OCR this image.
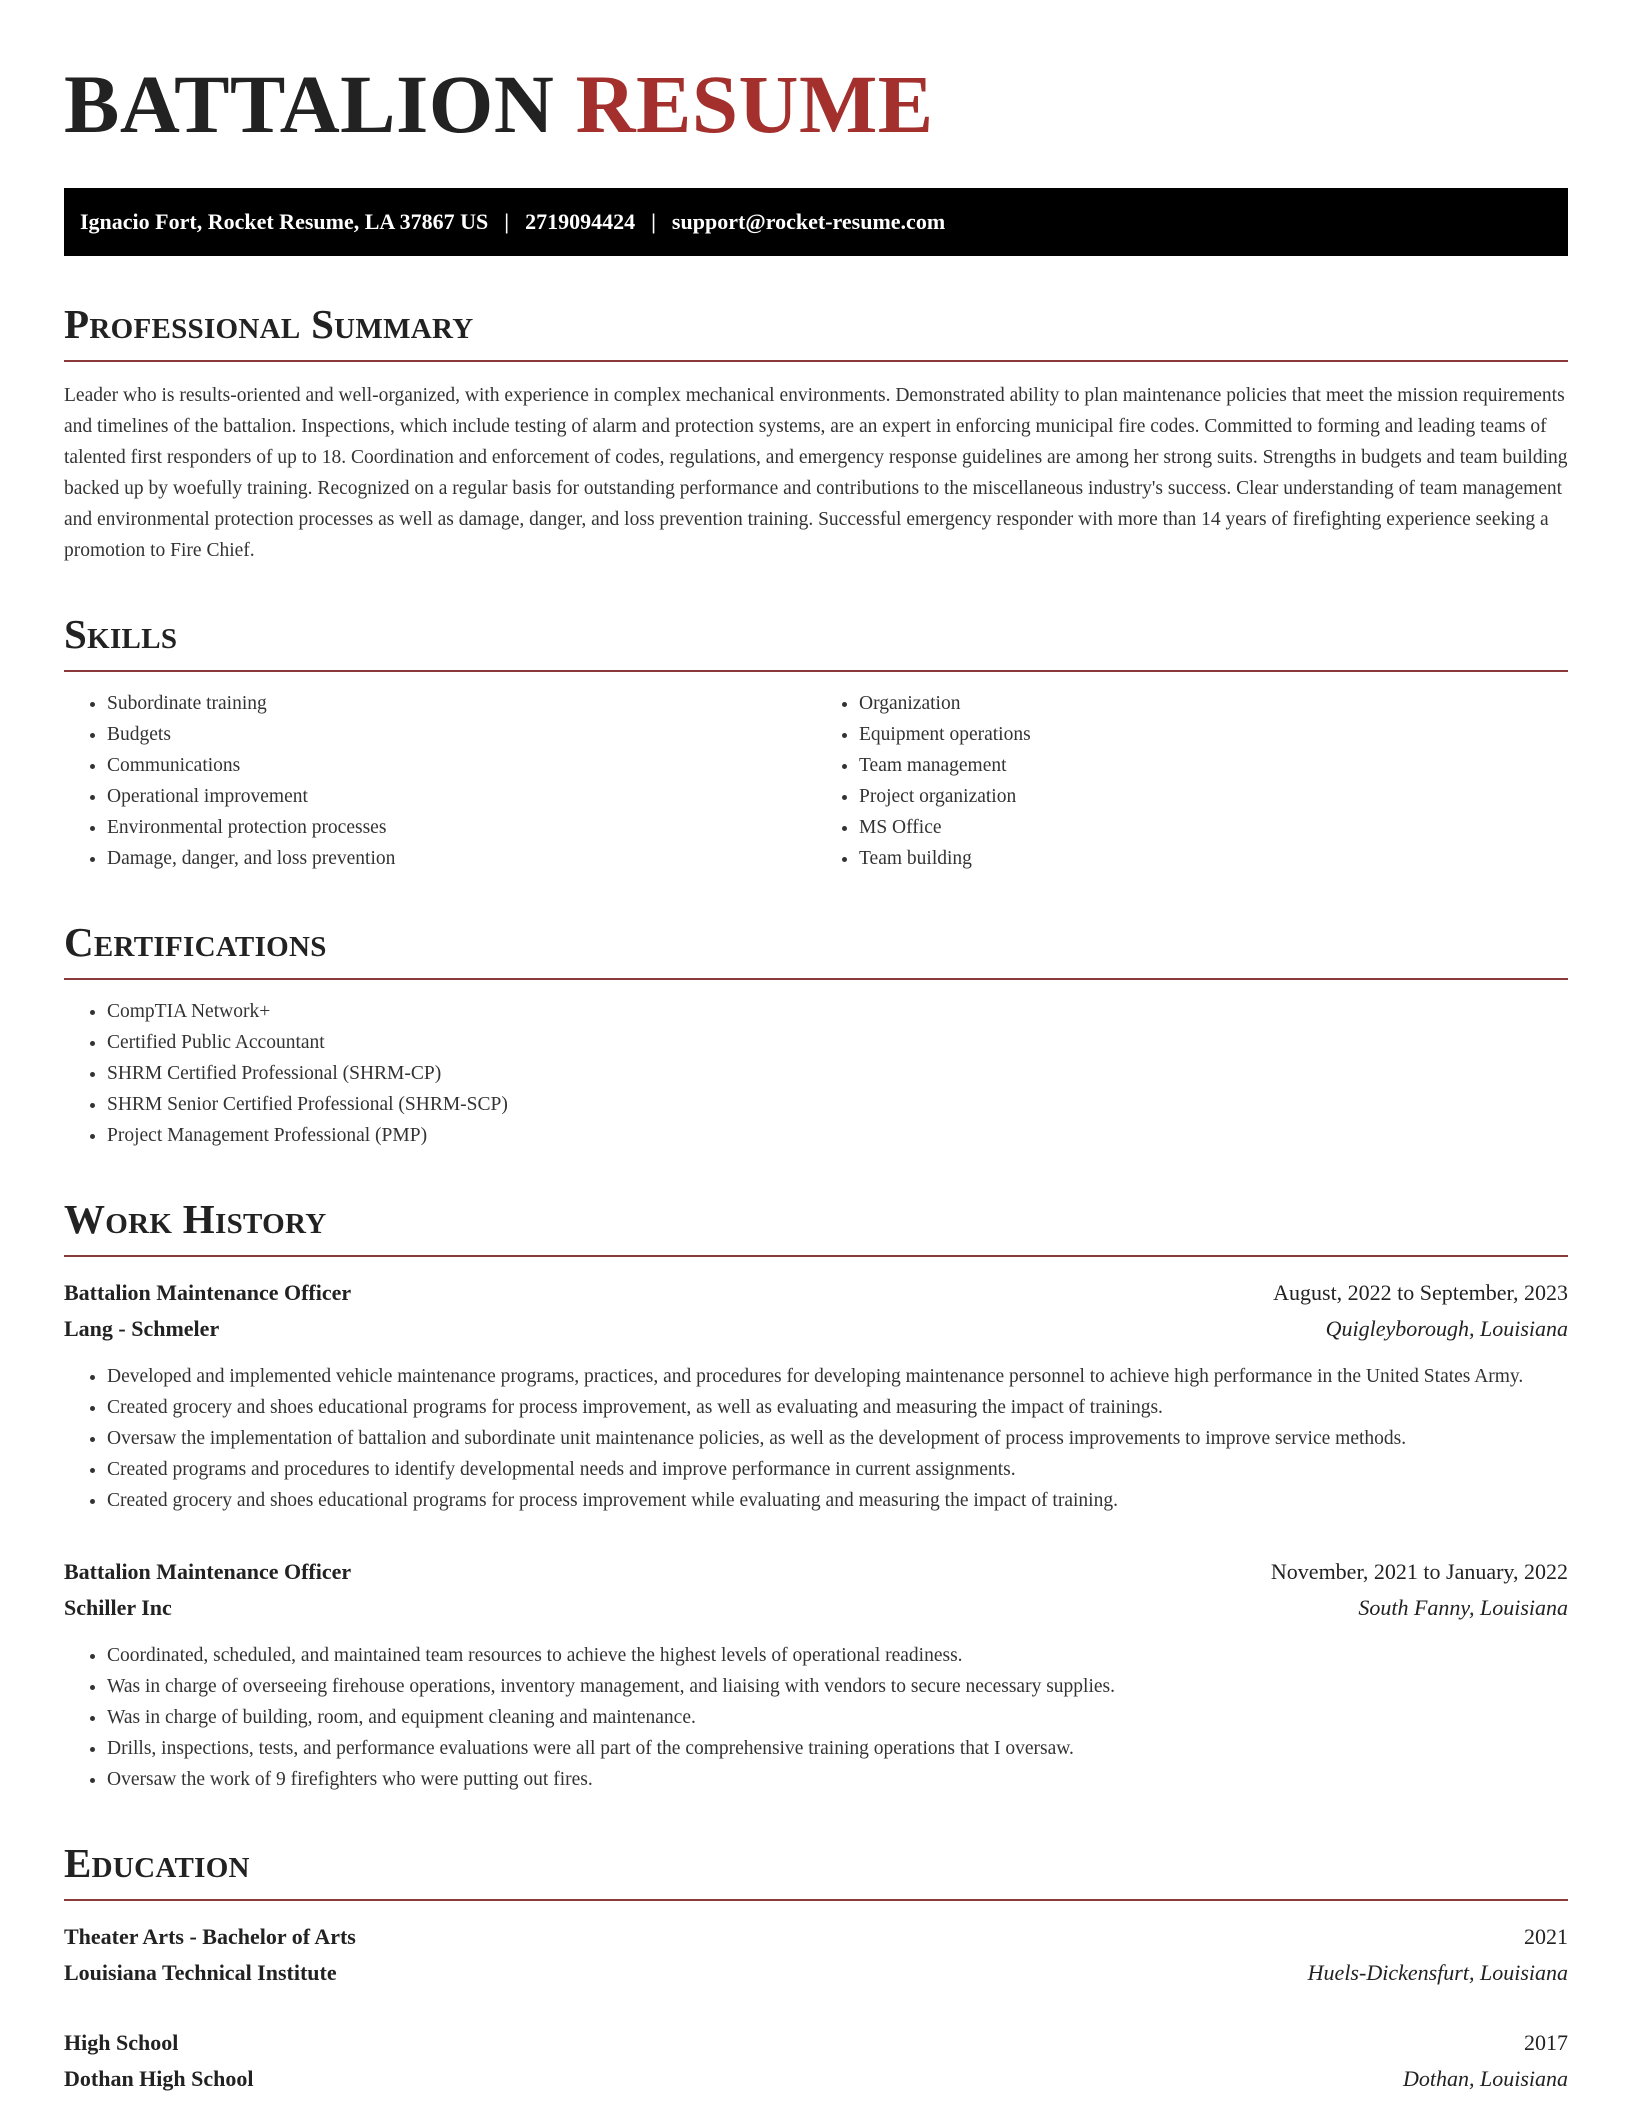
BATTALION RESUME
Ignacio Fort, Rocket Resume, LA 37867 US | 2719094424 | support@rocket-resume.com
Professional Summary

Leader who is results-oriented and well-organized, with experience in complex mechanical environments. Demonstrated ability to plan maintenance policies that meet the mission requirements and timelines of the battalion. Inspections, which include testing of alarm and protection systems, are an expert in enforcing municipal fire codes. Committed to forming and leading teams of talented first responders of up to 18. Coordination and enforcement of codes, regulations, and emergency response guidelines are among her strong suits. Strengths in budgets and team building backed up by woefully training. Recognized on a regular basis for outstanding performance and contributions to the miscellaneous industry's success. Clear understanding of team management and environmental protection processes as well as damage, danger, and loss prevention training. Successful emergency responder with more than 14 years of firefighting experience seeking a promotion to Fire Chief.

Skills
• Subordinate training
• Budgets
• Communications
• Operational improvement
• Environmental protection processes
• Damage, danger, and loss prevention
• Organization
• Equipment operations
• Team management
• Project organization
• MS Office
• Team building
Certifications
• CompTIA Network+
• Certified Public Accountant
• SHRM Certified Professional (SHRM-CP)
• SHRM Senior Certified Professional (SHRM-SCP)
• Project Management Professional (PMP)
Work History
Battalion Maintenance Officer	August, 2022 to September, 2023
Lang - Schmeler	Quigleyborough, Louisiana
• Developed and implemented vehicle maintenance programs, practices, and procedures for developing maintenance personnel to achieve high performance in the United States Army.
• Created grocery and shoes educational programs for process improvement, as well as evaluating and measuring the impact of trainings.
• Oversaw the implementation of battalion and subordinate unit maintenance policies, as well as the development of process improvements to improve service methods.
• Created programs and procedures to identify developmental needs and improve performance in current assignments.
• Created grocery and shoes educational programs for process improvement while evaluating and measuring the impact of training.
Battalion Maintenance Officer	November, 2021 to January, 2022
Schiller Inc	South Fanny, Louisiana
• Coordinated, scheduled, and maintained team resources to achieve the highest levels of operational readiness.
• Was in charge of overseeing firehouse operations, inventory management, and liaising with vendors to secure necessary supplies.
• Was in charge of building, room, and equipment cleaning and maintenance.
• Drills, inspections, tests, and performance evaluations were all part of the comprehensive training operations that I oversaw.
• Oversaw the work of 9 firefighters who were putting out fires.
Education
Theater Arts - Bachelor of Arts	2021
Louisiana Technical Institute	Huels-Dickensfurt, Louisiana
High School	2017
Dothan High School	Dothan, Louisiana
